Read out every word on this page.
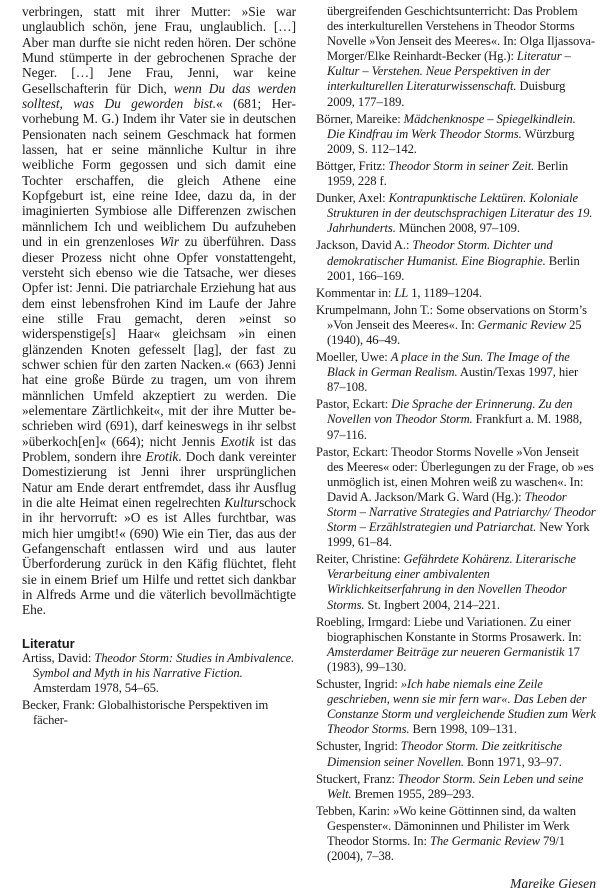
verbringen, statt mit ihrer Mutter: »Sie war unglaublich schön, jene Frau, unglaublich. […] Aber man durfte sie nicht reden hören. Der schöne Mund stümperte in der gebrochenen Sprache der Neger. […] Jene Frau, Jenni, war keine Gesellschafterin für Dich, wenn Du das werden solltest, was Du geworden bist.« (681; Hervorhebung M. G.) Indem ihr Vater sie in deutschen Pensionaten nach seinem Geschmack hat formen lassen, hat er seine männliche Kultur in ihre weibliche Form gegossen und sich damit eine Tochter erschaffen, die gleich Athene eine Kopfgeburt ist, eine reine Idee, dazu da, in der imaginierten Symbiose alle Differenzen zwischen männlichem Ich und weiblichem Du aufzuheben und in ein grenzenloses Wir zu überführen. Dass dieser Prozess nicht ohne Opfer vonstattengeht, versteht sich ebenso wie die Tatsache, wer dieses Opfer ist: Jenni. Die patriarchale Erziehung hat aus dem einst lebensfrohen Kind im Laufe der Jahre eine stille Frau gemacht, deren »einst so widerspenstige[s] Haar« gleichsam »in einen glänzenden Knoten gefesselt [lag], der fast zu schwer schien für den zarten Nacken.« (663) Jenni hat eine große Bürde zu tragen, um von ihrem männlichen Umfeld akzeptiert zu werden. Die »elementare Zärtlichkeit«, mit der ihre Mutter beschrieben wird (691), darf keineswegs in ihr selbst »überkoch[en]« (664); nicht Jennis Exotik ist das Problem, sondern ihre Erotik. Doch dank vereinter Domestizierung ist Jenni ihrer ursprünglichen Natur am Ende derart entfremdet, dass ihr Ausflug in die alte Heimat einen regelrechten Kulturschock in ihr hervorruft: »O es ist Alles furchtbar, was mich hier umgibt!« (690) Wie ein Tier, das aus der Gefangenschaft entlassen wird und aus lauter Überforderung zurück in den Käfig flüchtet, fleht sie in einem Brief um Hilfe und rettet sich dankbar in Alfreds Arme und die väterlich bevollmächtigte Ehe.

Literatur
Artiss, David: Theodor Storm: Studies in Ambivalence. Symbol and Myth in his Narrative Fiction. Amsterdam 1978, 54–65.
Becker, Frank: Globalhistorische Perspektiven im fächer-

übergreifenden Geschichtsunterricht: Das Problem des interkulturellen Verstehens in Theodor Storms Novelle »Von Jenseit des Meeres«. In: Olga Iljassova-Morger/Elke Reinhardt-Becker (Hg.): Literatur – Kultur – Verstehen. Neue Perspektiven in der interkulturellen Literaturwissenschaft. Duisburg 2009, 177–189.

Börner, Mareike: Mädchenknospe – Spiegelkindlein. Die Kindfrau im Werk Theodor Storms. Würzburg 2009, S. 112–142.
Böttger, Fritz: Theodor Storm in seiner Zeit. Berlin 1959, 228 f.
Dunker, Axel: Kontrapunktische Lektüren. Koloniale Strukturen in der deutschsprachigen Literatur des 19. Jahrhunderts. München 2008, 97–109.
Jackson, David A.: Theodor Storm. Dichter und demokratischer Humanist. Eine Biographie. Berlin 2001, 166–169.
Kommentar in: LL 1, 1189–1204.
Krumpelmann, John T.: Some observations on Storm’s »Von Jenseit des Meeres«. In: Germanic Review 25 (1940), 46–49.
Moeller, Uwe: A place in the Sun. The Image of the Black in German Realism. Austin/Texas 1997, hier 87–108.
Pastor, Eckart: Die Sprache der Erinnerung. Zu den Novellen von Theodor Storm. Frankfurt a. M. 1988, 97–116.
Pastor, Eckart: Theodor Storms Novelle »Von Jenseit des Meeres« oder: Überlegungen zu der Frage, ob »es unmöglich ist, einen Mohren weiß zu waschen«. In: David A. Jackson/Mark G. Ward (Hg.): Theodor Storm – Narrative Strategies and Patriarchy/ Theodor Storm – Erzählstrategien und Patriarchat. New York 1999, 61–84.
Reiter, Christine: Gefährdete Kohärenz. Literarische Verarbeitung einer ambivalenten Wirklichkeitserfahrung in den Novellen Theodor Storms. St. Ingbert 2004, 214–221.
Roebling, Irmgard: Liebe und Variationen. Zu einer biographischen Konstante in Storms Prosawerk. In: Amsterdamer Beiträge zur neueren Germanistik 17 (1983), 99–130.
Schuster, Ingrid: »Ich habe niemals eine Zeile geschrieben, wenn sie mir fern war«. Das Leben der Constanze Storm und vergleichende Studien zum Werk Theodor Storms. Bern 1998, 109–131.
Schuster, Ingrid: Theodor Storm. Die zeitkritische Dimension seiner Novellen. Bonn 1971, 93–97.
Stuckert, Franz: Theodor Storm. Sein Leben und seine Welt. Bremen 1955, 289–293.
Tebben, Karin: »Wo keine Göttinnen sind, da walten Gespenster«. Dämoninnen und Philister im Werk Theodor Storms. In: The Germanic Review 79/1 (2004), 7–38.
Mareike Giesen
